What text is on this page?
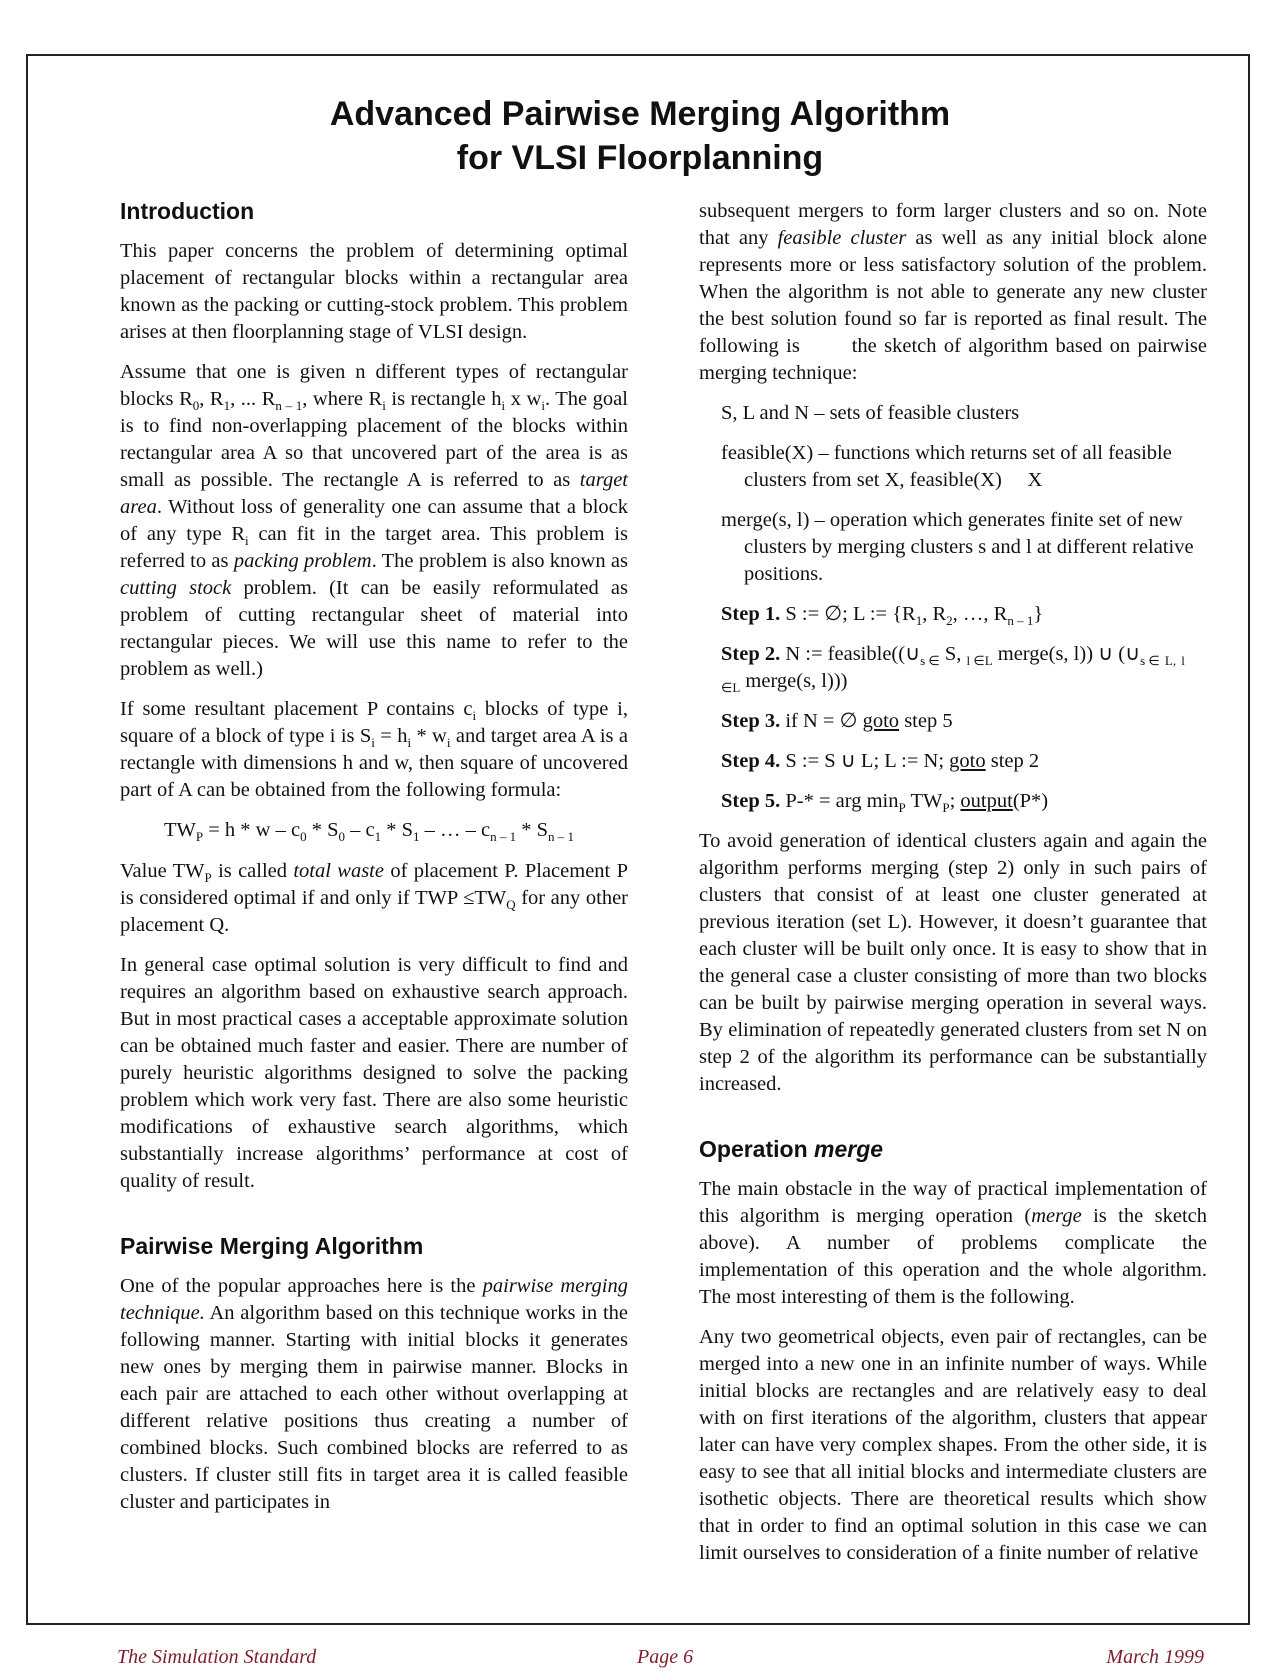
Advanced Pairwise Merging Algorithm
for VLSI Floorplanning
Introduction

This paper concerns the problem of determining optimal placement of rectangular blocks within a rectangular area known as the packing or cutting-stock problem. This problem arises at then floorplanning stage of VLSI design.

Assume that one is given n different types of rectangular blocks $R_0$, $R_1$, ... $R_{n - 1}$, where $R_i$ is rectangle $h_i$ x $w_i$. The goal is to find non-overlapping placement of the blocks within rectangular area A so that uncovered part of the area is as small as possible. The rectangle A is referred to as target area. Without loss of generality one can assume that a block of any type $R_i$ can fit in the target area. This problem is referred to as packing problem. The problem is also known as cutting stock problem. (It can be easily reformulated as problem of cutting rectangular sheet of material into rectangular pieces. We will use this name to refer to the problem as well.)

If some resultant placement P contains $c_i$ blocks of type i, square of a block of type i is $S_i = h_i * w_i$ and target area A is a rectangle with dimensions h and w, then square of uncovered part of A can be obtained from the following formula:

$TW_P = h * w - c_0 * S_0 - c_1 * S_1$ – … – $c_{n - 1} * S_{n - 1}$

Value $TW_P$ is called total waste of placement P. Placement P is considered optimal if and only if TWP $\le TW_Q$ for any other placement Q.

In general case optimal solution is very difficult to find and requires an algorithm based on exhaustive search approach. But in most practical cases a acceptable approximate solution can be obtained much faster and easier. There are number of purely heuristic algorithms designed to solve the packing problem which work very fast. There are also some heuristic modifications of exhaustive search algorithms, which substantially increase algorithms’ performance at cost of quality of result.

Pairwise Merging Algorithm

One of the popular approaches here is the pairwise merging technique. An algorithm based on this technique works in the following manner. Starting with initial blocks it generates new ones by merging them in pairwise manner. Blocks in each pair are attached to each other without overlapping at different relative positions thus creating a number of combined blocks. Such combined blocks are referred to as clusters. If cluster still fits in target area it is called feasible cluster and participates in

subsequent mergers to form larger clusters and so on. Note that any feasible cluster as well as any initial block alone represents more or less satisfactory solution of the problem. When the algorithm is not able to generate any new cluster the best solution found so far is reported as final result. The following is       the sketch of algorithm based on pairwise merging technique:

S, L and N – sets of feasible clusters

feasible(X) – functions which returns set of all feasible clusters from set X, feasible(X)     X

merge(s, l) – operation which generates finite set of new clusters by merging clusters s and l at different relative positions.

Step 1. S := ∅; L := {$R_1$, $R_2$, …, $R_{n - 1}$}

Step 2. N := $feasible((\cup_{s \in}$ S, $_{l \in L}$ merge(s, l)) ∪ ($\cup_{s \in}$ $_{L,}$ $_{l \in L}$ merge(s, l)))

Step 3. if N = ∅ goto step 5

Step 4. S := S ∪ L; L := N; goto step 2

Step 5. P-* = arg $\min_P TW_P$; output(P*)

To avoid generation of identical clusters again and again the algorithm performs merging (step 2) only in such pairs of clusters that consist of at least one cluster generated at previous iteration (set L). However, it doesn’t guarantee that each cluster will be built only once. It is easy to show that in the general case a cluster consisting of more than two blocks can be built by pairwise merging operation in several ways. By elimination of repeatedly generated clusters from set N on step 2 of the algorithm its performance can be substantially increased.

Operation merge

The main obstacle in the way of practical implementation of this algorithm is merging operation (merge is the sketch above). A number of problems complicate the implementation of this operation and the whole algorithm. The most interesting of them is the following.

Any two geometrical objects, even pair of rectangles, can be merged into a new one in an infinite number of ways. While initial blocks are rectangles and are relatively easy to deal with on first iterations of the algorithm, clusters that appear later can have very complex shapes. From the other side, it is easy to see that all initial blocks and intermediate clusters are isothetic objects. There are theoretical results which show that in order to find an optimal solution in this case we can limit ourselves to consideration of a finite number of relative

The Simulation Standard	Page 6	March 1999
